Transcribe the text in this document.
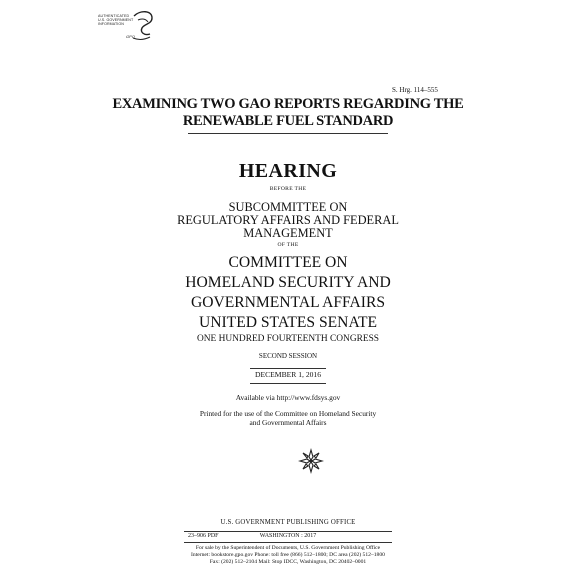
AUTHENTICATED
U.S. GOVERNMENT
INFORMATION
GPO
S. Hrg. 114–555
EXAMINING TWO GAO REPORTS REGARDING THE
RENEWABLE FUEL STANDARD
HEARING
BEFORE THE
SUBCOMMITTEE ON
REGULATORY AFFAIRS AND FEDERAL
MANAGEMENT
OF THE
COMMITTEE ON
HOMELAND SECURITY AND
GOVERNMENTAL AFFAIRS
UNITED STATES SENATE
ONE HUNDRED FOURTEENTH CONGRESS
SECOND SESSION
DECEMBER 1, 2016
Available via http://www.fdsys.gov
Printed for the use of the Committee on Homeland Security
and Governmental Affairs
U.S. GOVERNMENT PUBLISHING OFFICE
23–906 PDF	WASHINGTON : 2017
For sale by the Superintendent of Documents, U.S. Government Publishing Office
Internet: bookstore.gpo.gov Phone: toll free (866) 512–1800; DC area (202) 512–1800
Fax: (202) 512–2104 Mail: Stop IDCC, Washington, DC 20402–0001
